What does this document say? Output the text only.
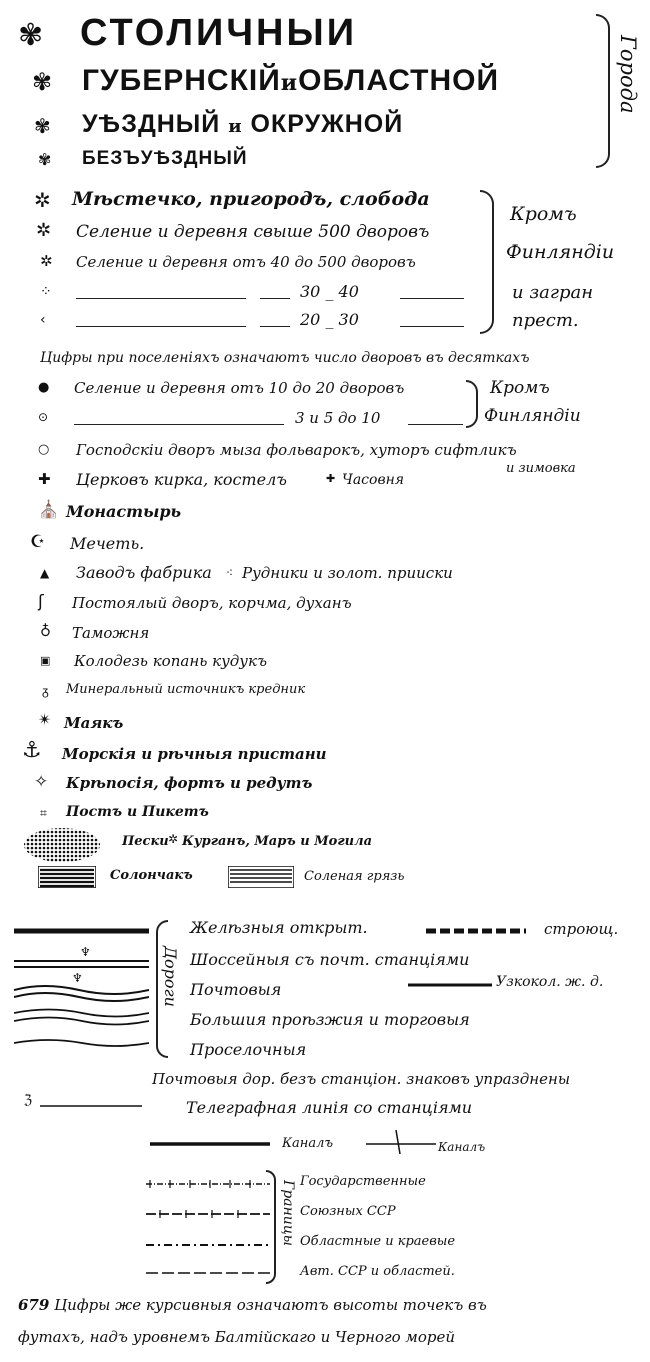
✾ СТОЛИЧНЫИ
✾ ГУБЕРНСКIЙиОБЛАСТНОЙ
✾ УѢЗДНЫЙ и ОКРУЖНОЙ
✾ БЕЗЪУѢЗДНЫЙ
Города
✲ Мѣстечко, пригородъ, слобода
✲ Селение и деревня свыше 500 дворовъ
✲ Селение и деревня отъ 40 до 500 дворовъ
⁘	30 _ 40
‹	20 _ 30
Кромъ
Финляндiи
и загран
прест.
Цифры при поселенiяхъ означаютъ число дворовъ въ десяткахъ
● Селение и деревня отъ 10 до 20 дворовъ
⊙	3 и 5 до 10
Кромъ
Финляндiи
○ Господскiи дворъ мыза фольварокъ, хуторъ сифтликъ
и зимовка
✚ Церковъ кирка, костелъ	✚ Часовня
⛪ Монастырь
☪ Мечеть.
▲ Заводъ фабрика ⁖ Рудники и золот. прииски
ʃ Постоялый дворъ, корчма, духанъ
♁ Таможня
▣ Колодезь копань кудукъ
ᵹ Минеральный источникъ кредник
✴ Маякъ
⚓ Морскiя и рѣчныя пристани
✧ Крѣпосiя, фортъ и редутъ
⌗ Постъ и Пикетъ
Пески ✲ Курганъ, Маръ и Могила
Солончакъ	Соленая грязь
Желѣзныя открыт.	строющ.
♆	Шоссейныя съ почт. станцiями
Узкокол. ж. д.
♆
Почтовыя
Большия проѣзжия и торговыя
Проселочныя
Дороги
Почтовыя дор. безъ станцiон. знаковъ упразднены
ℨ	Телеграфная линiя со станцiями
Каналъ	Каналъ
Государственные
Союзных ССР
Областные и краевые
Авт. ССР и областей.
Границы
679 Цифры же курсивныя означаютъ высоты точекъ въ
футахъ, надъ уровнемъ Балтiйскаго и Черного морей
